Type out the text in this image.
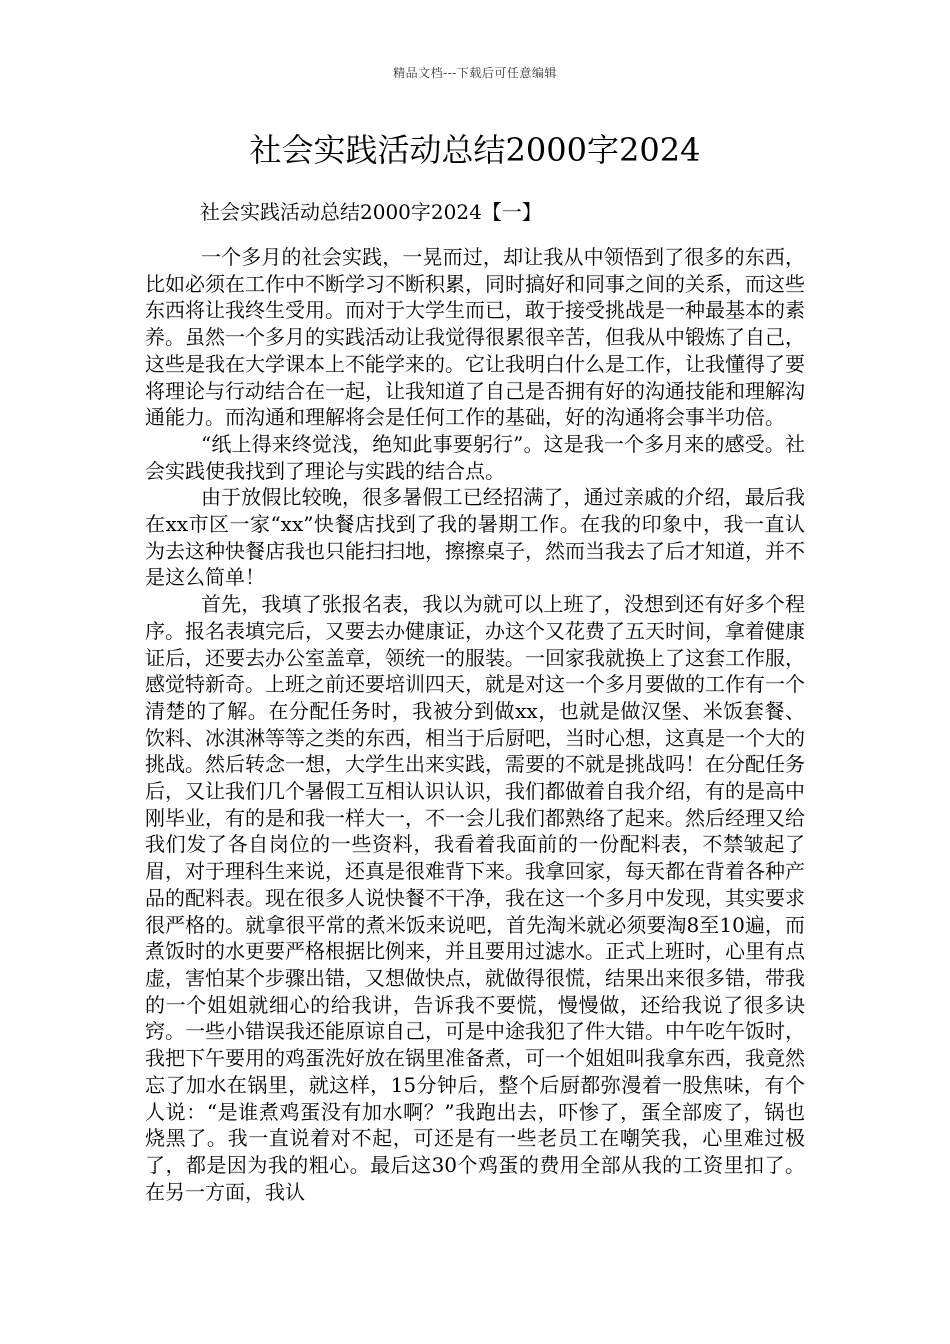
精品文档---下载后可任意编辑
社会实践活动总结2000字2024
社会实践活动总结2000字2024【一】

一个多月的社会实践，一晃而过，却让我从中领悟到了很多的东西，比如必须在工作中不断学习不断积累，同时搞好和同事之间的关系，而这些东西将让我终生受用。而对于大学生而已，敢于接受挑战是一种最基本的素养。虽然一个多月的实践活动让我觉得很累很辛苦，但我从中锻炼了自己，这些是我在大学课本上不能学来的。它让我明白什么是工作，让我懂得了要将理论与行动结合在一起，让我知道了自己是否拥有好的沟通技能和理解沟通能力。而沟通和理解将会是任何工作的基础，好的沟通将会事半功倍。

“纸上得来终觉浅，绝知此事要躬行”。这是我一个多月来的感受。社会实践使我找到了理论与实践的结合点。

由于放假比较晚，很多暑假工已经招满了，通过亲戚的介绍，最后我在xx市区一家“xx”快餐店找到了我的暑期工作。在我的印象中，我一直认为去这种快餐店我也只能扫扫地，擦擦桌子，然而当我去了后才知道，并不是这么简单！

首先，我填了张报名表，我以为就可以上班了，没想到还有好多个程序。报名表填完后，又要去办健康证，办这个又花费了五天时间，拿着健康证后，还要去办公室盖章，领统一的服装。一回家我就换上了这套工作服，感觉特新奇。上班之前还要培训四天，就是对这一个多月要做的工作有一个清楚的了解。在分配任务时，我被分到做xx，也就是做汉堡、米饭套餐、饮料、冰淇淋等等之类的东西，相当于后厨吧，当时心想，这真是一个大的挑战。然后转念一想，大学生出来实践，需要的不就是挑战吗！在分配任务后，又让我们几个暑假工互相认识认识，我们都做着自我介绍，有的是高中刚毕业，有的是和我一样大一，不一会儿我们都熟络了起来。然后经理又给我们发了各自岗位的一些资料，我看着我面前的一份配料表，不禁皱起了眉，对于理科生来说，还真是很难背下来。我拿回家，每天都在背着各种产品的配料表。现在很多人说快餐不干净，我在这一个多月中发现，其实要求很严格的。就拿很平常的煮米饭来说吧，首先淘米就必须要淘8至10遍，而煮饭时的水更要严格根据比例来，并且要用过滤水。正式上班时，心里有点虚，害怕某个步骤出错，又想做快点，就做得很慌，结果出来很多错，带我的一个姐姐就细心的给我讲，告诉我不要慌，慢慢做，还给我说了很多诀窍。一些小错误我还能原谅自己，可是中途我犯了件大错。中午吃午饭时，我把下午要用的鸡蛋洗好放在锅里准备煮，可一个姐姐叫我拿东西，我竟然忘了加水在锅里，就这样，15分钟后，整个后厨都弥漫着一股焦味，有个人说：“是谁煮鸡蛋没有加水啊？”我跑出去，吓惨了，蛋全部废了，锅也烧黑了。我一直说着对不起，可还是有一些老员工在嘲笑我，心里难过极了，都是因为我的粗心。最后这30个鸡蛋的费用全部从我的工资里扣了。在另一方面，我认
